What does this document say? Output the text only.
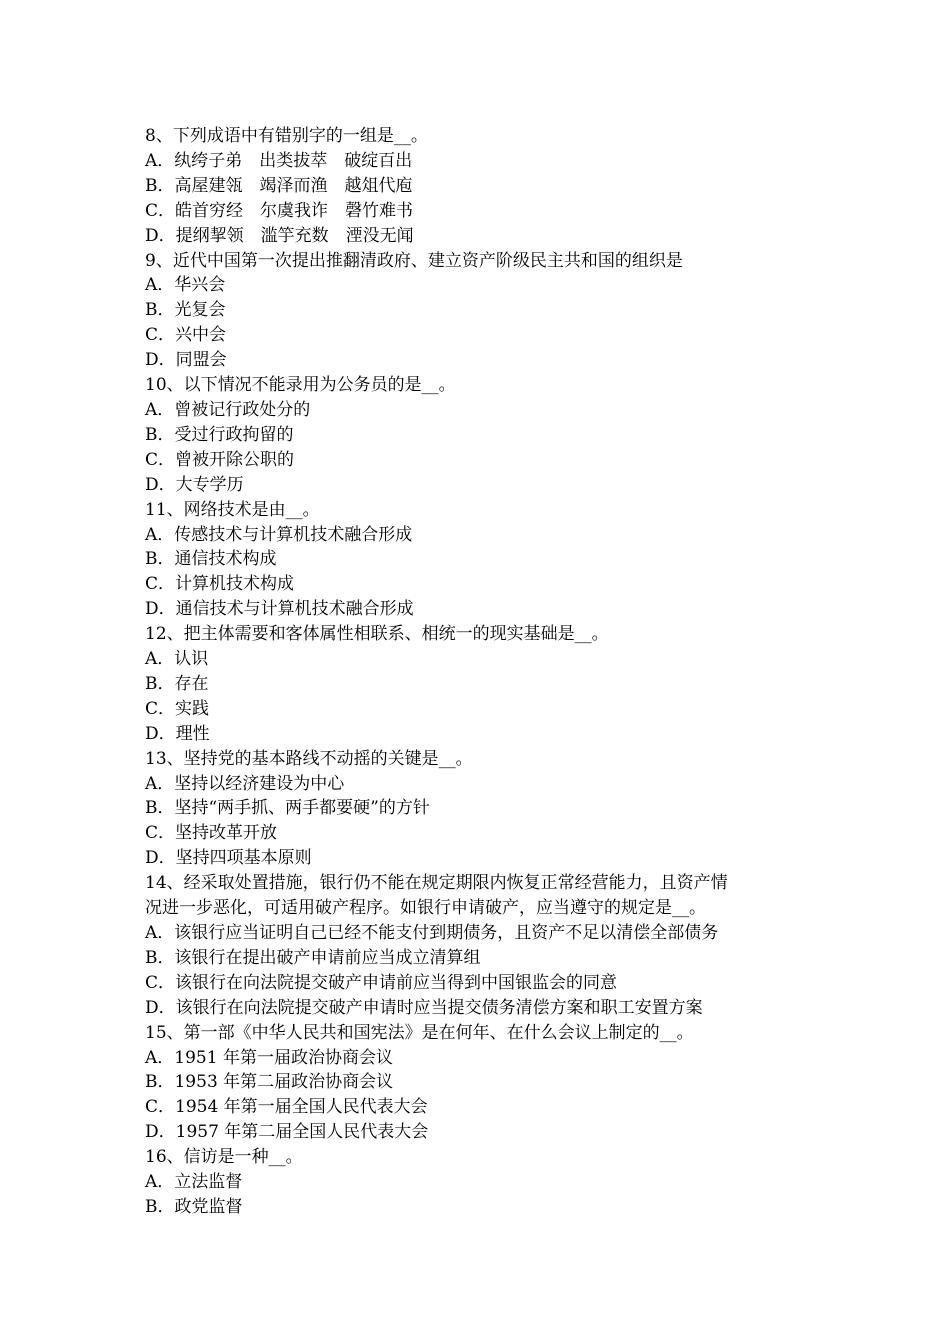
8、下列成语中有错别字的一组是__。
A．纨绔子弟　出类拔萃　破绽百出
B．高屋建瓴　竭泽而渔　越俎代庖
C．皓首穷经　尔虞我诈　磬竹难书
D．提纲挈领　滥竽充数　湮没无闻
9、近代中国第一次提出推翻清政府、建立资产阶级民主共和国的组织是
A．华兴会
B．光复会
C．兴中会
D．同盟会
10、以下情况不能录用为公务员的是__。
A．曾被记行政处分的
B．受过行政拘留的
C．曾被开除公职的
D．大专学历
11、网络技术是由__。
A．传感技术与计算机技术融合形成
B．通信技术构成
C．计算机技术构成
D．通信技术与计算机技术融合形成
12、把主体需要和客体属性相联系、相统一的现实基础是__。
A．认识
B．存在
C．实践
D．理性
13、坚持党的基本路线不动摇的关键是__。
A．坚持以经济建设为中心
B．坚持“两手抓、两手都要硬”的方针
C．坚持改革开放
D．坚持四项基本原则
14、经采取处置措施，银行仍不能在规定期限内恢复正常经营能力，且资产情
况进一步恶化，可适用破产程序。如银行申请破产，应当遵守的规定是__。
A．该银行应当证明自己已经不能支付到期债务，且资产不足以清偿全部债务
B．该银行在提出破产申请前应当成立清算组
C．该银行在向法院提交破产申请前应当得到中国银监会的同意
D．该银行在向法院提交破产申请时应当提交债务清偿方案和职工安置方案
15、第一部《中华人民共和国宪法》是在何年、在什么会议上制定的__。
A．1951 年第一届政治协商会议
B．1953 年第二届政治协商会议
C．1954 年第一届全国人民代表大会
D．1957 年第二届全国人民代表大会
16、信访是一种__。
A．立法监督
B．政党监督
